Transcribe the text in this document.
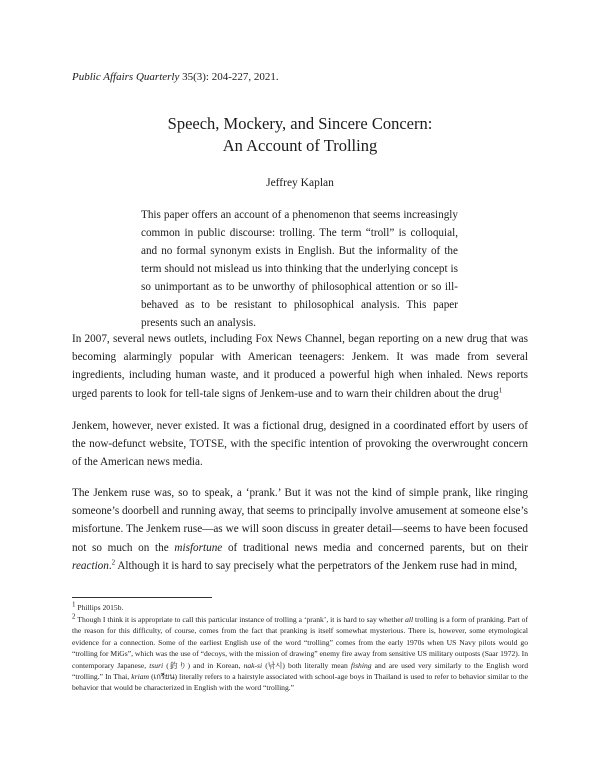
Public Affairs Quarterly 35(3): 204-227, 2021.
Speech, Mockery, and Sincere Concern:
An Account of Trolling
Jeffrey Kaplan
This paper offers an account of a phenomenon that seems increasingly common in public discourse: trolling. The term “troll” is colloquial, and no formal synonym exists in English. But the informality of the term should not mislead us into thinking that the underlying concept is so unimportant as to be unworthy of philosophical attention or so ill-behaved as to be resistant to philosophical analysis. This paper presents such an analysis.

In 2007, several news outlets, including Fox News Channel, began reporting on a new drug that was becoming alarmingly popular with American teenagers: Jenkem. It was made from several ingredients, including human waste, and it produced a powerful high when inhaled. News reports urged parents to look for tell-tale signs of Jenkem-use and to warn their children about the drug$^1$

Jenkem, however, never existed. It was a fictional drug, designed in a coordinated effort by users of the now-defunct website, TOTSE, with the specific intention of provoking the overwrought concern of the American news media.

The Jenkem ruse was, so to speak, a ‘prank.’ But it was not the kind of simple prank, like ringing someone’s doorbell and running away, that seems to principally involve amusement at someone else’s misfortune. The Jenkem ruse—as we will soon discuss in greater detail—seems to have been focused not so much on the misfortune of traditional news media and concerned parents, but on their reaction.$^2$ Although it is hard to say precisely what the perpetrators of the Jenkem ruse had in mind,

$^1$ Phillips 2015b.

$^2$ Though I think it is appropriate to call this particular instance of trolling a ‘prank’, it is hard to say whether all trolling is a form of pranking. Part of the reason for this difficulty, of course, comes from the fact that pranking is itself somewhat mysterious. There is, however, some etymological evidence for a connection. Some of the earliest English use of the word “trolling” comes from the early 1970s when US Navy pilots would go “trolling for MiGs”, which was the use of “decoys, with the mission of drawing” enemy fire away from sensitive US military outposts (Saar 1972). In contemporary Japanese, tsuri (釣り) and in Korean, nak-si (낚시) both literally mean fishing and are used very similarly to the English word “trolling.” In Thai, kriam (เกรียน) literally refers to a hairstyle associated with school-age boys in Thailand is used to refer to behavior similar to the behavior that would be characterized in English with the word “trolling.”
